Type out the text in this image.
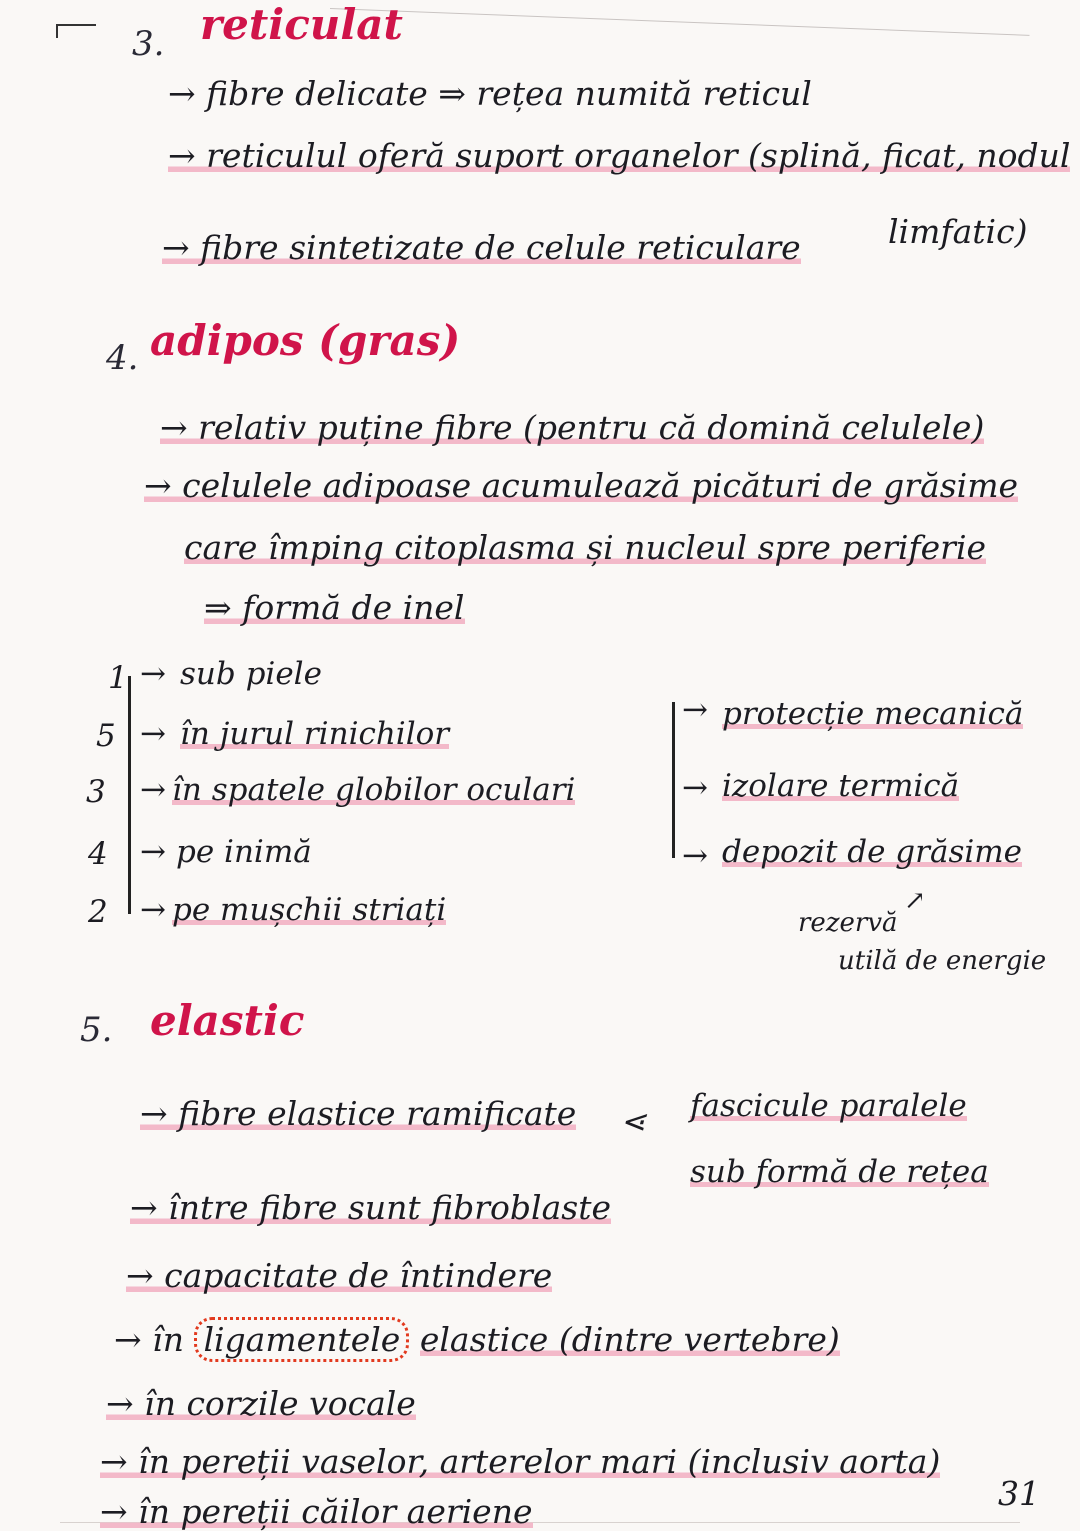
3. reticulat
→ fibre delicate ⇒ rețea numită reticul
→ reticulul oferă suport organelor (splină, ficat, nodul
limfatic)
→ fibre sintetizate de celule reticulare
4. adipos (gras)
→ relativ puține fibre (pentru că domină celulele)
→ celulele adipoase acumulează picături de grăsime
care împing citoplasma și nucleul spre periferie
⇒ formă de inel
1
5
3
4
2
→
→
→
→
→
sub piele
în jurul rinichilor
în spatele globilor oculari
pe inimă
pe mușchii striați
→
→
→
protecție mecanică
izolare termică
depozit de grăsime
↗
rezervă
utilă de energie
5. elastic
→ fibre elastice ramificate ⋖ fascicule paralele
sub formă de rețea
→ între fibre sunt fibroblaste
→ capacitate de întindere
→ în ligamentele elastice (dintre vertebre)
→ în corzile vocale
→ în pereții vaselor, arterelor mari (inclusiv aorta)
→ în pereții căilor aeriene	31
